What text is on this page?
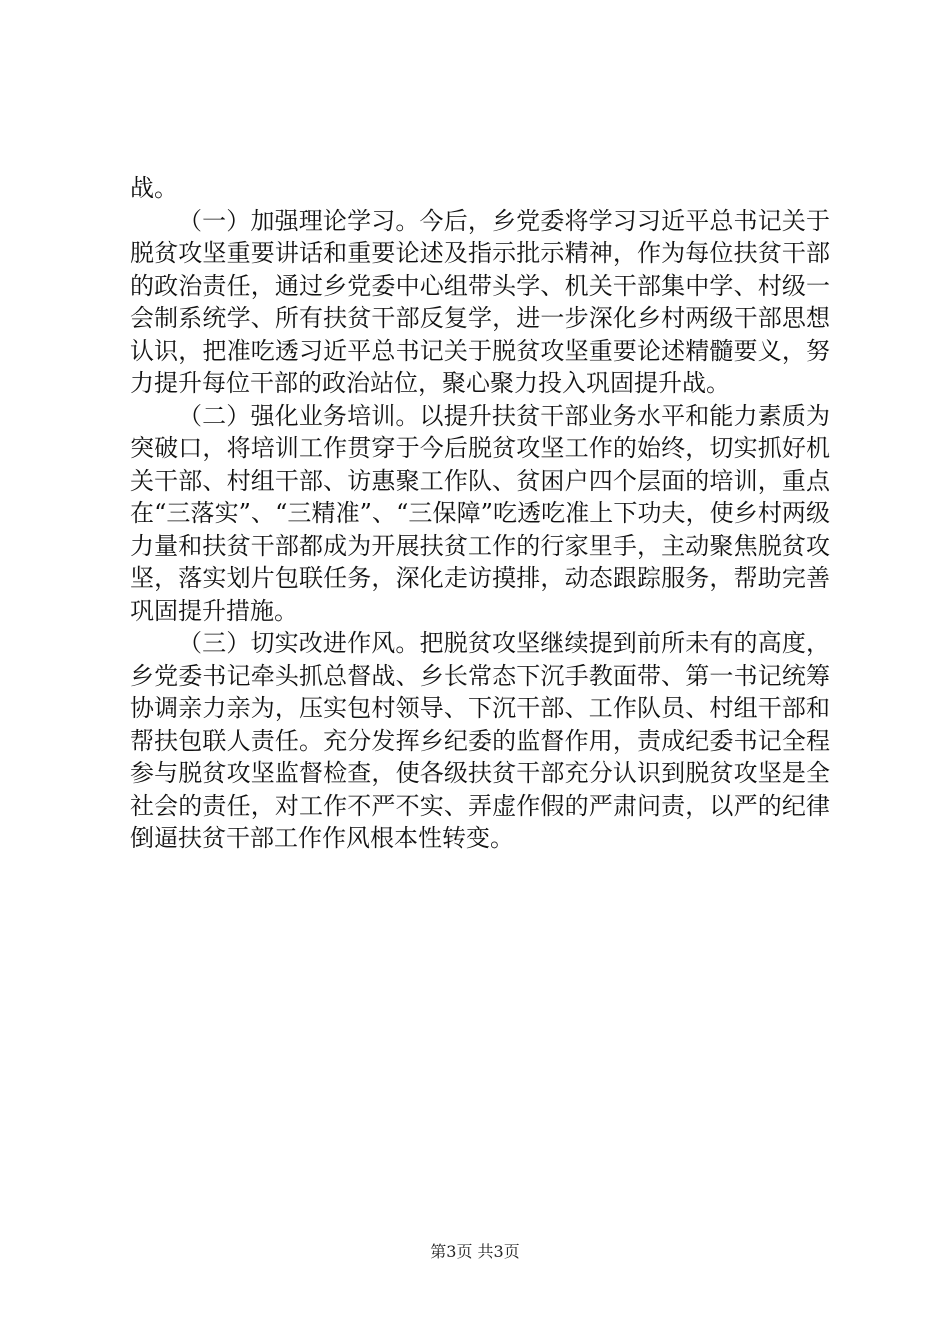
战。

（一）加强理论学习。今后，乡党委将学习习近平总书记关于脱贫攻坚重要讲话和重要论述及指示批示精神，作为每位扶贫干部的政治责任，通过乡党委中心组带头学、机关干部集中学、村级一会制系统学、所有扶贫干部反复学，进一步深化乡村两级干部思想认识，把准吃透习近平总书记关于脱贫攻坚重要论述精髓要义，努力提升每位干部的政治站位，聚心聚力投入巩固提升战。

（二）强化业务培训。以提升扶贫干部业务水平和能力素质为突破口，将培训工作贯穿于今后脱贫攻坚工作的始终，切实抓好机关干部、村组干部、访惠聚工作队、贫困户四个层面的培训，重点在“三落实”、“三精准”、“三保障”吃透吃准上下功夫，使乡村两级力量和扶贫干部都成为开展扶贫工作的行家里手，主动聚焦脱贫攻坚，落实划片包联任务，深化走访摸排，动态跟踪服务，帮助完善巩固提升措施。

（三）切实改进作风。把脱贫攻坚继续提到前所未有的高度，乡党委书记牵头抓总督战、乡长常态下沉手教面带、第一书记统筹协调亲力亲为，压实包村领导、下沉干部、工作队员、村组干部和帮扶包联人责任。充分发挥乡纪委的监督作用，责成纪委书记全程参与脱贫攻坚监督检查，使各级扶贫干部充分认识到脱贫攻坚是全社会的责任，对工作不严不实、弄虚作假的严肃问责，以严的纪律倒逼扶贫干部工作作风根本性转变。

第3页 共3页
